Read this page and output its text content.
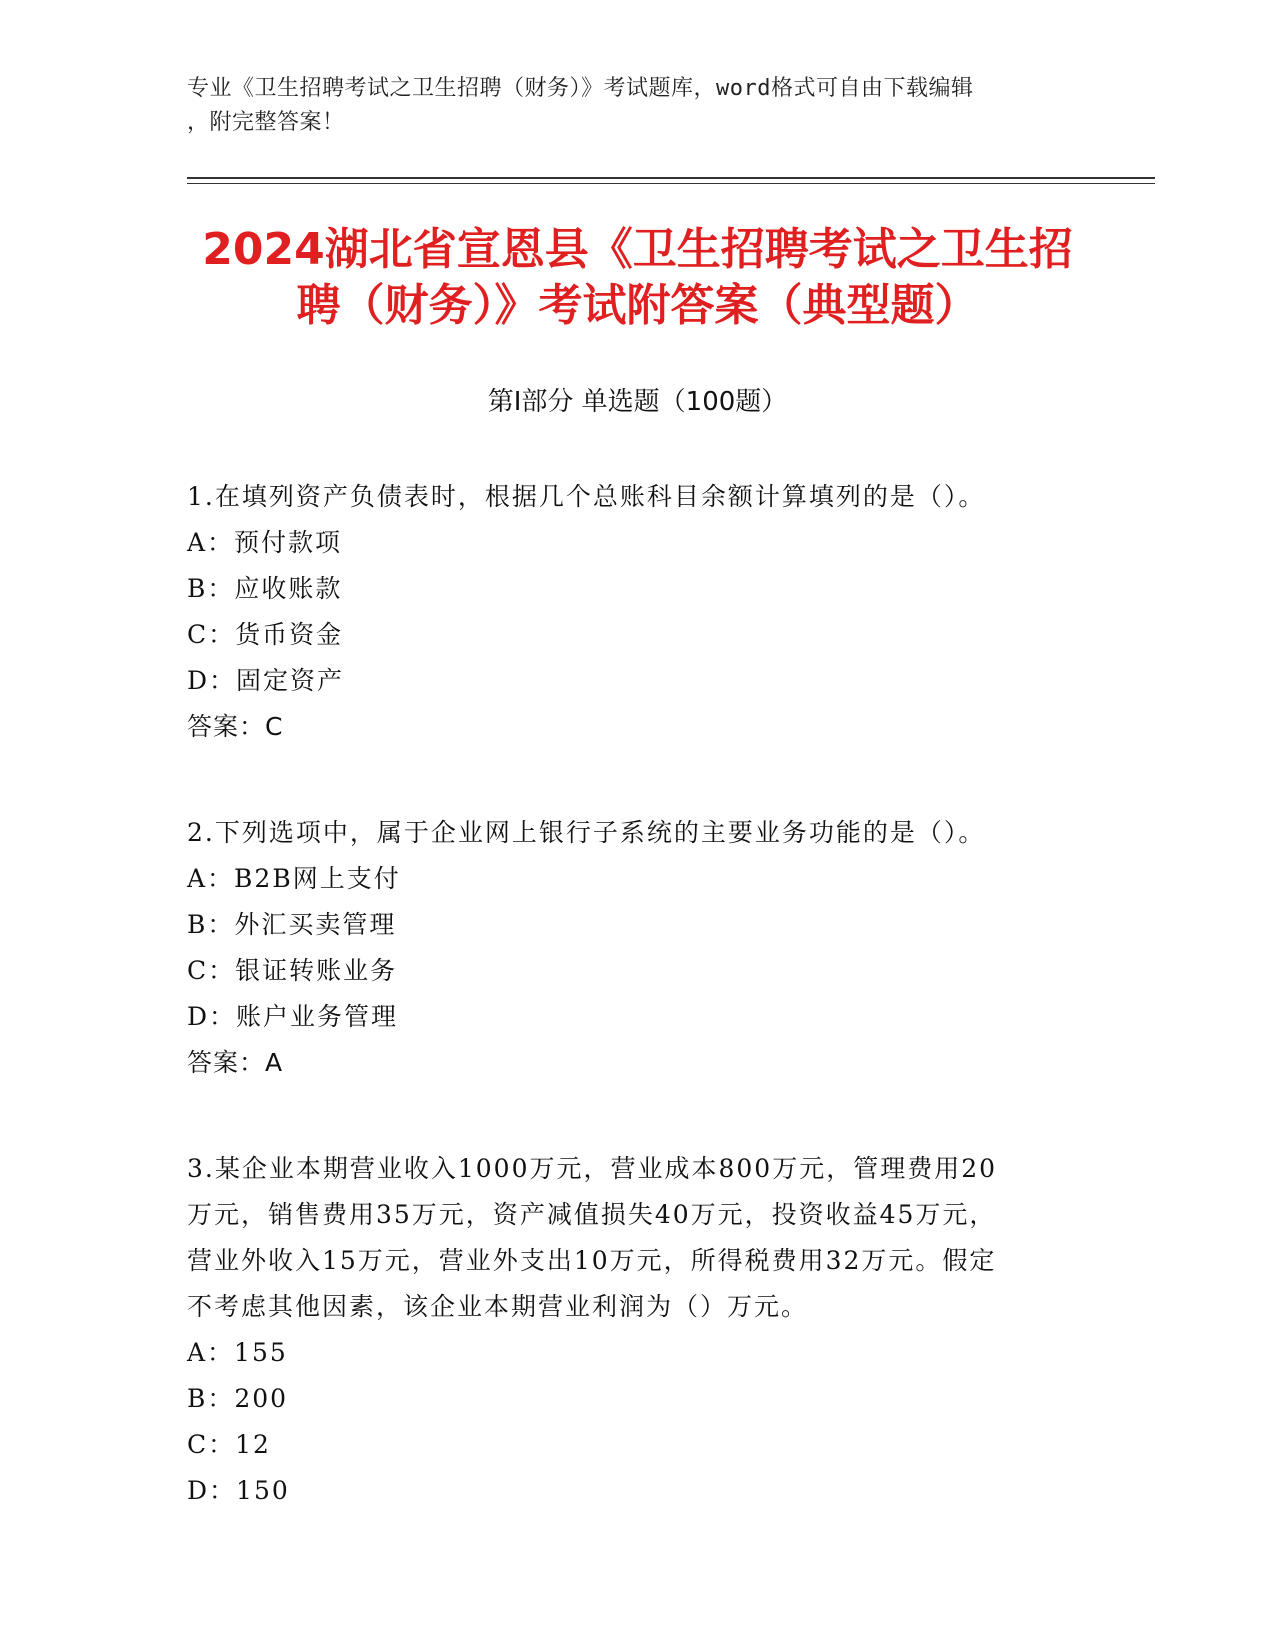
专业《卫生招聘考试之卫生招聘（财务）》考试题库，word格式可自由下载编辑
，附完整答案！
2024湖北省宣恩县《卫生招聘考试之卫生招
聘（财务）》考试附答案（典型题）
第Ⅰ部分 单选题（100题）

1.在填列资产负债表时，根据几个总账科目余额计算填列的是（）。

A：预付款项

B：应收账款

C：货币资金

D：固定资产

答案：C

2.下列选项中，属于企业网上银行子系统的主要业务功能的是（）。

A：B2B网上支付

B：外汇买卖管理

C：银证转账业务

D：账户业务管理

答案：A

3.某企业本期营业收入1000万元，营业成本800万元，管理费用20

万元，销售费用35万元，资产减值损失40万元，投资收益45万元，

营业外收入15万元，营业外支出10万元，所得税费用32万元。假定

不考虑其他因素，该企业本期营业利润为（）万元。

A：155

B：200

C：12

D：150
